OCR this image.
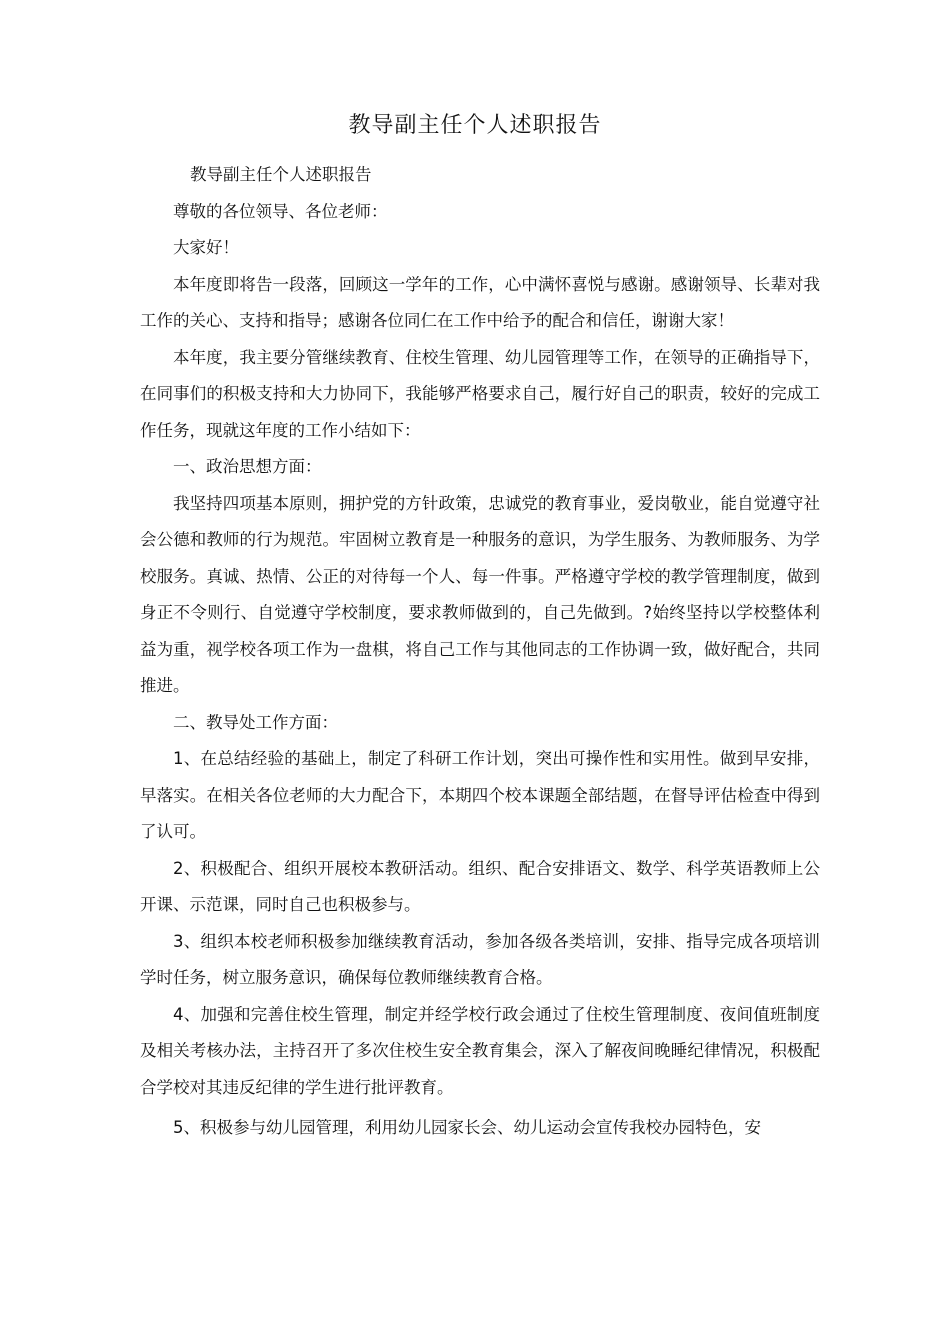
教导副主任个人述职报告

教导副主任个人述职报告

尊敬的各位领导、各位老师：

大家好！

本年度即将告一段落，回顾这一学年的工作，心中满怀喜悦与感谢。感谢领导、长辈对我工作的关心、支持和指导；感谢各位同仁在工作中给予的配合和信任，谢谢大家！

本年度，我主要分管继续教育、住校生管理、幼儿园管理等工作，在领导的正确指导下，在同事们的积极支持和大力协同下，我能够严格要求自己，履行好自己的职责，较好的完成工作任务，现就这年度的工作小结如下：

一、政治思想方面：

我坚持四项基本原则，拥护党的方针政策，忠诚党的教育事业，爱岗敬业，能自觉遵守社会公德和教师的行为规范。牢固树立教育是一种服务的意识，为学生服务、为教师服务、为学校服务。真诚、热情、公正的对待每一个人、每一件事。严格遵守学校的教学管理制度，做到身正不令则行、自觉遵守学校制度，要求教师做到的，自己先做到。?始终坚持以学校整体利益为重，视学校各项工作为一盘棋，将自己工作与其他同志的工作协调一致，做好配合，共同推进。

二、教导处工作方面：

1、在总结经验的基础上，制定了科研工作计划，突出可操作性和实用性。做到早安排，早落实。在相关各位老师的大力配合下，本期四个校本课题全部结题，在督导评估检查中得到了认可。

2、积极配合、组织开展校本教研活动。组织、配合安排语文、数学、科学英语教师上公开课、示范课，同时自己也积极参与。

3、组织本校老师积极参加继续教育活动，参加各级各类培训，安排、指导完成各项培训学时任务，树立服务意识，确保每位教师继续教育合格。

4、加强和完善住校生管理，制定并经学校行政会通过了住校生管理制度、夜间值班制度及相关考核办法，主持召开了多次住校生安全教育集会，深入了解夜间晚睡纪律情况，积极配合学校对其违反纪律的学生进行批评教育。

5、积极参与幼儿园管理，利用幼儿园家长会、幼儿运动会宣传我校办园特色，安
